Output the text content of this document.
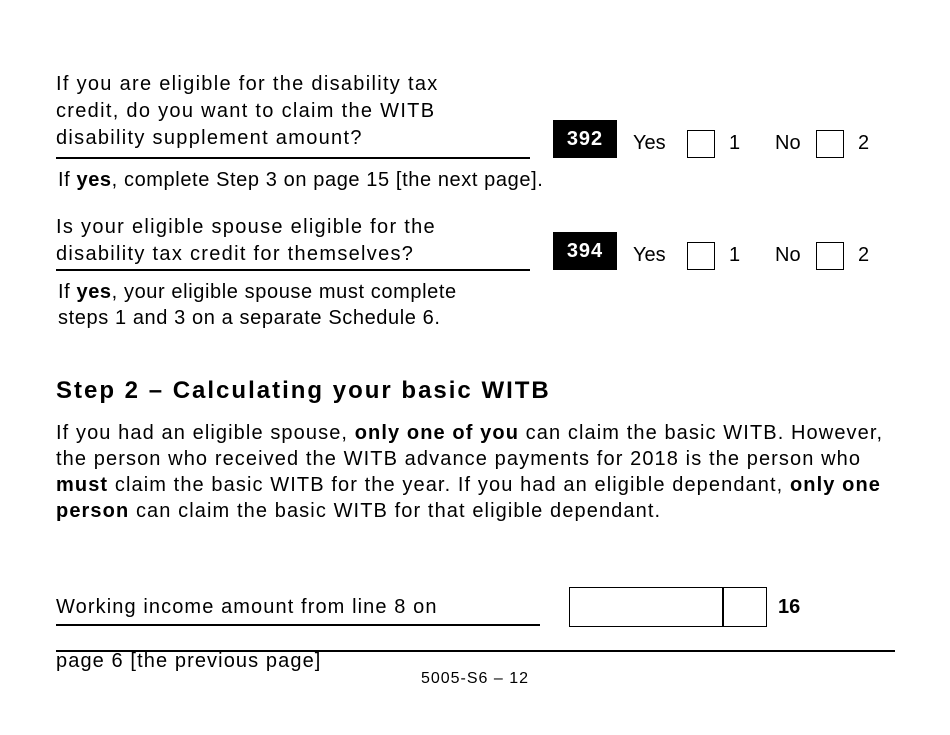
If you are eligible for the disability tax
credit, do you want to claim the WITB
disability supplement amount?	392	Yes	1 No	2
If yes, complete Step 3 on page 15 [the next page].
Is your eligible spouse eligible for the
disability tax credit for themselves?	394	Yes	1 No	2
If yes, your eligible spouse must complete
steps 1 and 3 on a separate Schedule 6.
Step 2 – Calculating your basic WITB
If you had an eligible spouse, only one of you can claim the basic WITB. However, the person who received the WITB advance payments for 2018 is the person who must claim the basic WITB for the year. If you had an eligible dependant, only one person can claim the basic WITB for that eligible dependant.

Working income amount from line 8 on

page 6 [the previous page]

16
5005-S6 – 12
